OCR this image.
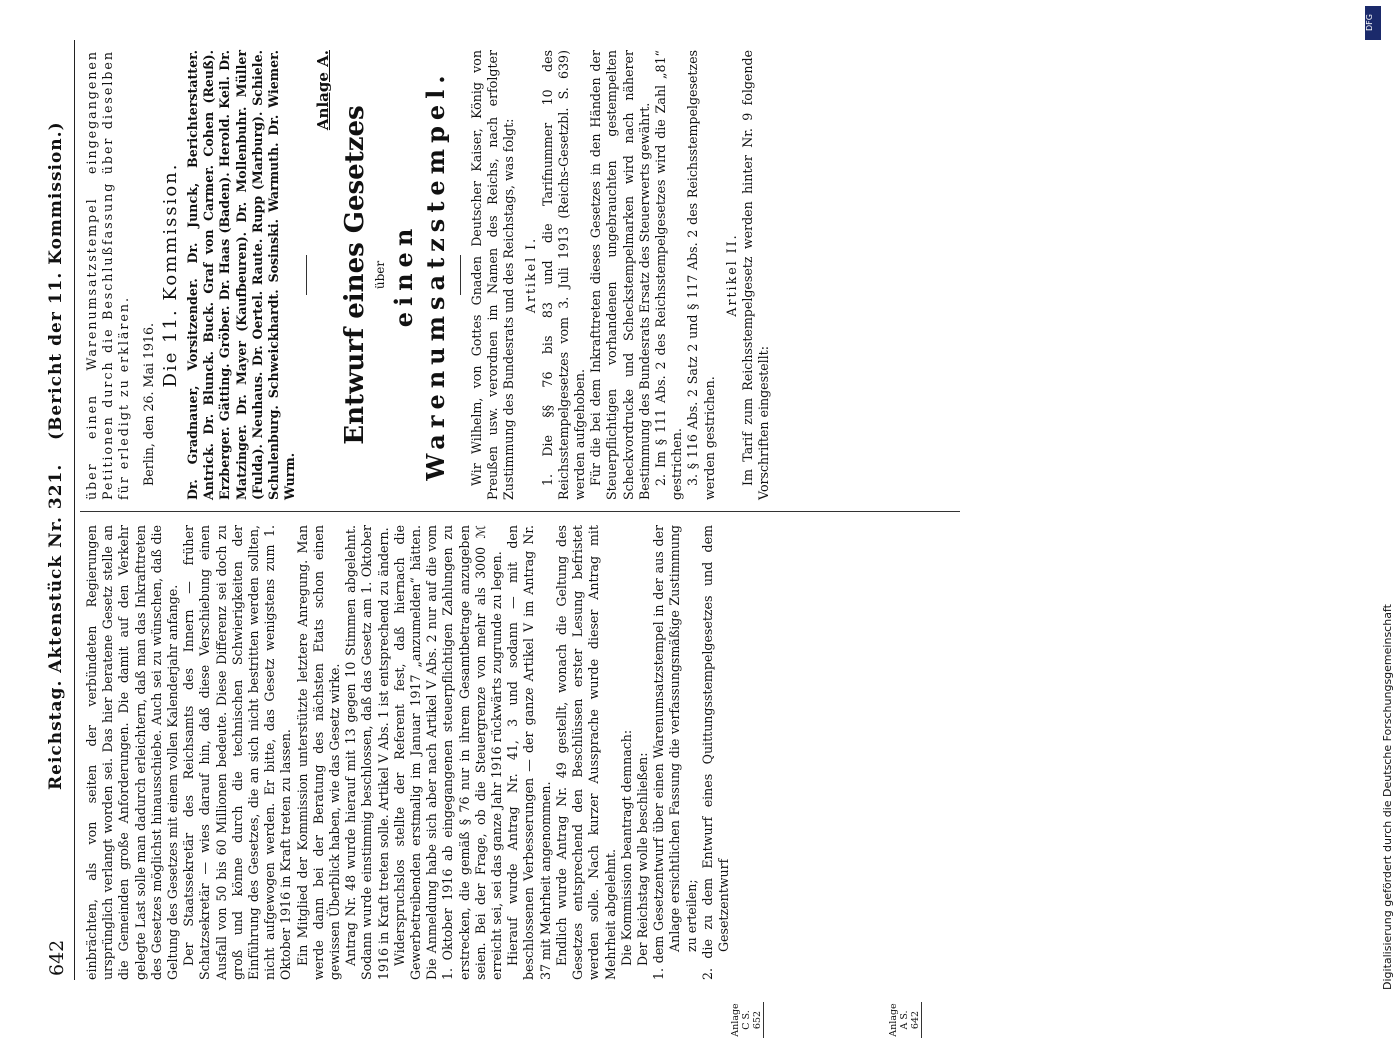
642
Reichstag. Aktenstück Nr. 321.
(Bericht der 11. Kommission.)

einbrächten, als von seiten der verbündeten Regierungen ursprünglich verlangt worden sei. Das hier beratene Gesetz stelle an die Gemeinden große Anforderungen. Die damit auf den Verkehr gelegte Last solle man dadurch erleichtern, daß man das Inkrafttreten des Gesetzes möglichst hinausschiebe. Auch sei zu wünschen, daß die Geltung des Gesetzes mit einem vollen Kalenderjahr anfange. Der Staatssekretär des Reichsamts des Innern — früher Schatzsekretär — wies darauf hin, daß diese Verschiebung einen Ausfall von 50 bis 60 Millionen bedeute. Diese Differenz sei doch zu groß und könne durch die technischen Schwierigkeiten der Einführung des Gesetzes, die an sich nicht bestritten werden sollten, nicht aufgewogen werden. Er bitte, das Gesetz wenigstens zum 1. Oktober 1916 in Kraft treten zu lassen. Ein Mitglied der Kommission unterstützte letztere Anregung. Man werde dann bei der Beratung des nächsten Etats schon einen gewissen Überblick haben, wie das Gesetz wirke. Antrag Nr. 48 wurde hierauf mit 13 gegen 10 Stimmen abgelehnt. Sodann wurde einstimmig beschlossen, daß das Gesetz am 1. Oktober 1916 in Kraft treten solle. Artikel V Abs. 1 ist entsprechend zu ändern. Widerspruchslos stellte der Referent fest, daß hiernach die Gewerbetreibenden erstmalig im Januar 1917 „anzumelden“ hätten. Die Anmeldung habe sich aber nach Artikel V Abs. 2 nur auf die vom 1. Oktober 1916 ab eingegangenen steuerpflichtigen Zahlungen zu erstrecken, die gemäß § 76 nur in ihrem Gesamtbetrage anzugeben seien. Bei der Frage, ob die Steuergrenze von mehr als 3000 ℳ erreicht sei, sei das ganze Jahr 1916 rückwärts zugrunde zu legen. Hierauf wurde Antrag Nr. 41, 3 und sodann — mit den beschlossenen Verbesserungen — der ganze Artikel V im Antrag Nr. 37 mit Mehrheit angenommen. Endlich wurde Antrag Nr. 49 gestellt, wonach die Geltung des Gesetzes entsprechend den Beschlüssen erster Lesung befristet werden solle. Nach kurzer Aussprache wurde dieser Antrag mit Mehrheit abgelehnt. Die Kommission beantragt demnach: Der Reichstag wolle beschließen: 1. dem Gesetzentwurf über einen Warenumsatzstempel in der aus der Anlage ersichtlichen Fassung die verfassungsmäßige Zustimmung zu erteilen; 2. die zu dem Entwurf eines Quittungsstempelgesetzes und dem Gesetzentwurf

Anlage C S. 652	Anlage A S. 642

über einen Warenumsatzstempel eingegangenen Petitionen durch die Beschlußfassung über dieselben für erledigt zu erklären. Berlin, den 26. Mai 1916.

Die 11. Kommission. Dr. Gradnauer, Vorsitzender. Dr. Junck, Berichterstatter. Antrick. Dr. Blunck. Buck. Graf von Carmer. Cohen (Reuß). Erzberger. Gätting. Gröber. Dr. Haas (Baden). Herold. Keil. Dr. Matzinger. Dr. Mayer (Kaufbeuren). Dr. Mollenbuhr. Müller (Fulda). Neuhaus. Dr. Oertel. Raute. Rupp (Marburg). Schiele. Schulenburg. Schweickhardt. Sosinski. Warmuth. Dr. Wiemer. Wurm.

Anlage A.

Entwurf eines Gesetzes über einen Warenumsatzstempel. Wir Wilhelm, von Gottes Gnaden Deutscher Kaiser, König von Preußen usw. verordnen im Namen des Reichs, nach erfolgter Zustimmung des Bundesrats und des Reichstags, was folgt: Artikel I. 1. Die §§ 76 bis 83 und die Tarifnummer 10 des Reichsstempelgesetzes vom 3. Juli 1913 (Reichs-Gesetzbl. S. 639) werden aufgehoben. Für die bei dem Inkrafttreten dieses Gesetzes in den Händen der Steuerpflichtigen vorhandenen ungebrauchten gestempelten Scheckvordrucke und Scheckstempelmarken wird nach näherer Bestimmung des Bundesrats Ersatz des Steuerwerts gewährt. 2. Im § 111 Abs. 2 des Reichsstempelgesetzes wird die Zahl „81“ gestrichen. 3. § 116 Abs. 2 Satz 2 und § 117 Abs. 2 des Reichsstempelgesetzes werden gestrichen.

Artikel II. Im Tarif zum Reichsstempelgesetz werden hinter Nr. 9 folgende Vorschriften eingestellt:

DFG
Digitalisierung gefördert durch die Deutsche Forschungsgemeinschaft
